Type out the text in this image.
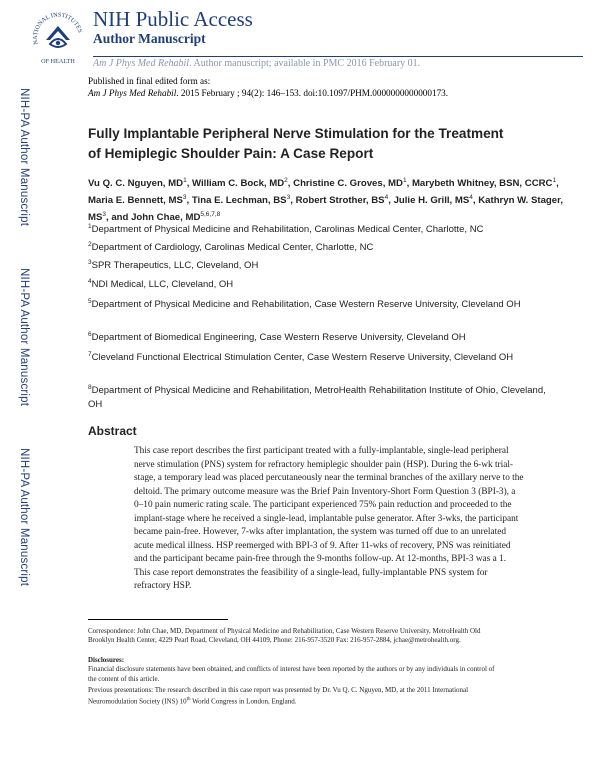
NIH-PA Author Manuscript
NIH-PA Author Manuscript
NIH-PA Author Manuscript
NATIONAL INSTITUTES
OF HEALTH
NIH Public Access
Author Manuscript
Am J Phys Med Rehabil. Author manuscript; available in PMC 2016 February 01.
Published in final edited form as:
Am J Phys Med Rehabil. 2015 February ; 94(2): 146–153. doi:10.1097/PHM.0000000000000173.
Fully Implantable Peripheral Nerve Stimulation for the Treatment
of Hemiplegic Shoulder Pain: A Case Report
Vu Q. C. Nguyen, $MD^1$, William C. Bock, $MD^2$, Christine C. Groves, $MD^1$, Marybeth Whitney, BSN, CCRC$^1$, Maria E. Bennett, $MS^3$, Tina E. Lechman, $BS^3$, Robert Strother, $BS^4$, Julie H. Grill, $MS^4$, Kathryn W. Stager, $MS^3$, and John Chae, MD$^{5,6,7,8}$
$^1$Department of Physical Medicine and Rehabilitation, Carolinas Medical Center, Charlotte, NC
$^2$Department of Cardiology, Carolinas Medical Center, Charlotte, NC
$^3$SPR Therapeutics, LLC, Cleveland, OH
$^4$NDI Medical, LLC, Cleveland, OH
$^5$Department of Physical Medicine and Rehabilitation, Case Western Reserve University, Cleveland OH
$^6$Department of Biomedical Engineering, Case Western Reserve University, Cleveland OH
$^7$Cleveland Functional Electrical Stimulation Center, Case Western Reserve University, Cleveland OH
$^8$Department of Physical Medicine and Rehabilitation, MetroHealth Rehabilitation Institute of Ohio, Cleveland, OH
Abstract
This case report describes the first participant treated with a fully-implantable, single-lead peripheral nerve stimulation (PNS) system for refractory hemiplegic shoulder pain (HSP). During the 6-wk trial-stage, a temporary lead was placed percutaneously near the terminal branches of the axillary nerve to the deltoid. The primary outcome measure was the Brief Pain Inventory-Short Form Question 3 (BPI-3), a 0–10 pain numeric rating scale. The participant experienced 75% pain reduction and proceeded to the implant-stage where he received a single-lead, implantable pulse generator. After 3-wks, the participant became pain-free. However, 7-wks after implantation, the system was turned off due to an unrelated acute medical illness. HSP reemerged with BPI-3 of 9. After 11-wks of recovery, PNS was reinitiated and the participant became pain-free through the 9-months follow-up. At 12-months, BPI-3 was a 1. This case report demonstrates the feasibility of a single-lead, fully-implantable PNS system for refractory HSP.
Correspondence: John Chae, MD, Department of Physical Medicine and Rehabilitation, Case Western Reserve University, MetroHealth Old Brooklyn Health Center, 4229 Pearl Road, Cleveland, OH 44109, Phone: 216-957-3520 Fax: 216-957-2884, jchae@metrohealth.org.
Disclosures:
Financial disclosure statements have been obtained, and conflicts of interest have been reported by the authors or by any individuals in control of the content of this article.
Previous presentations: The research described in this case report was presented by Dr. Vu Q. C. Nguyen, MD, at the 2011 International Neuromodulation Society (INS) 10th World Congress in London, England.
